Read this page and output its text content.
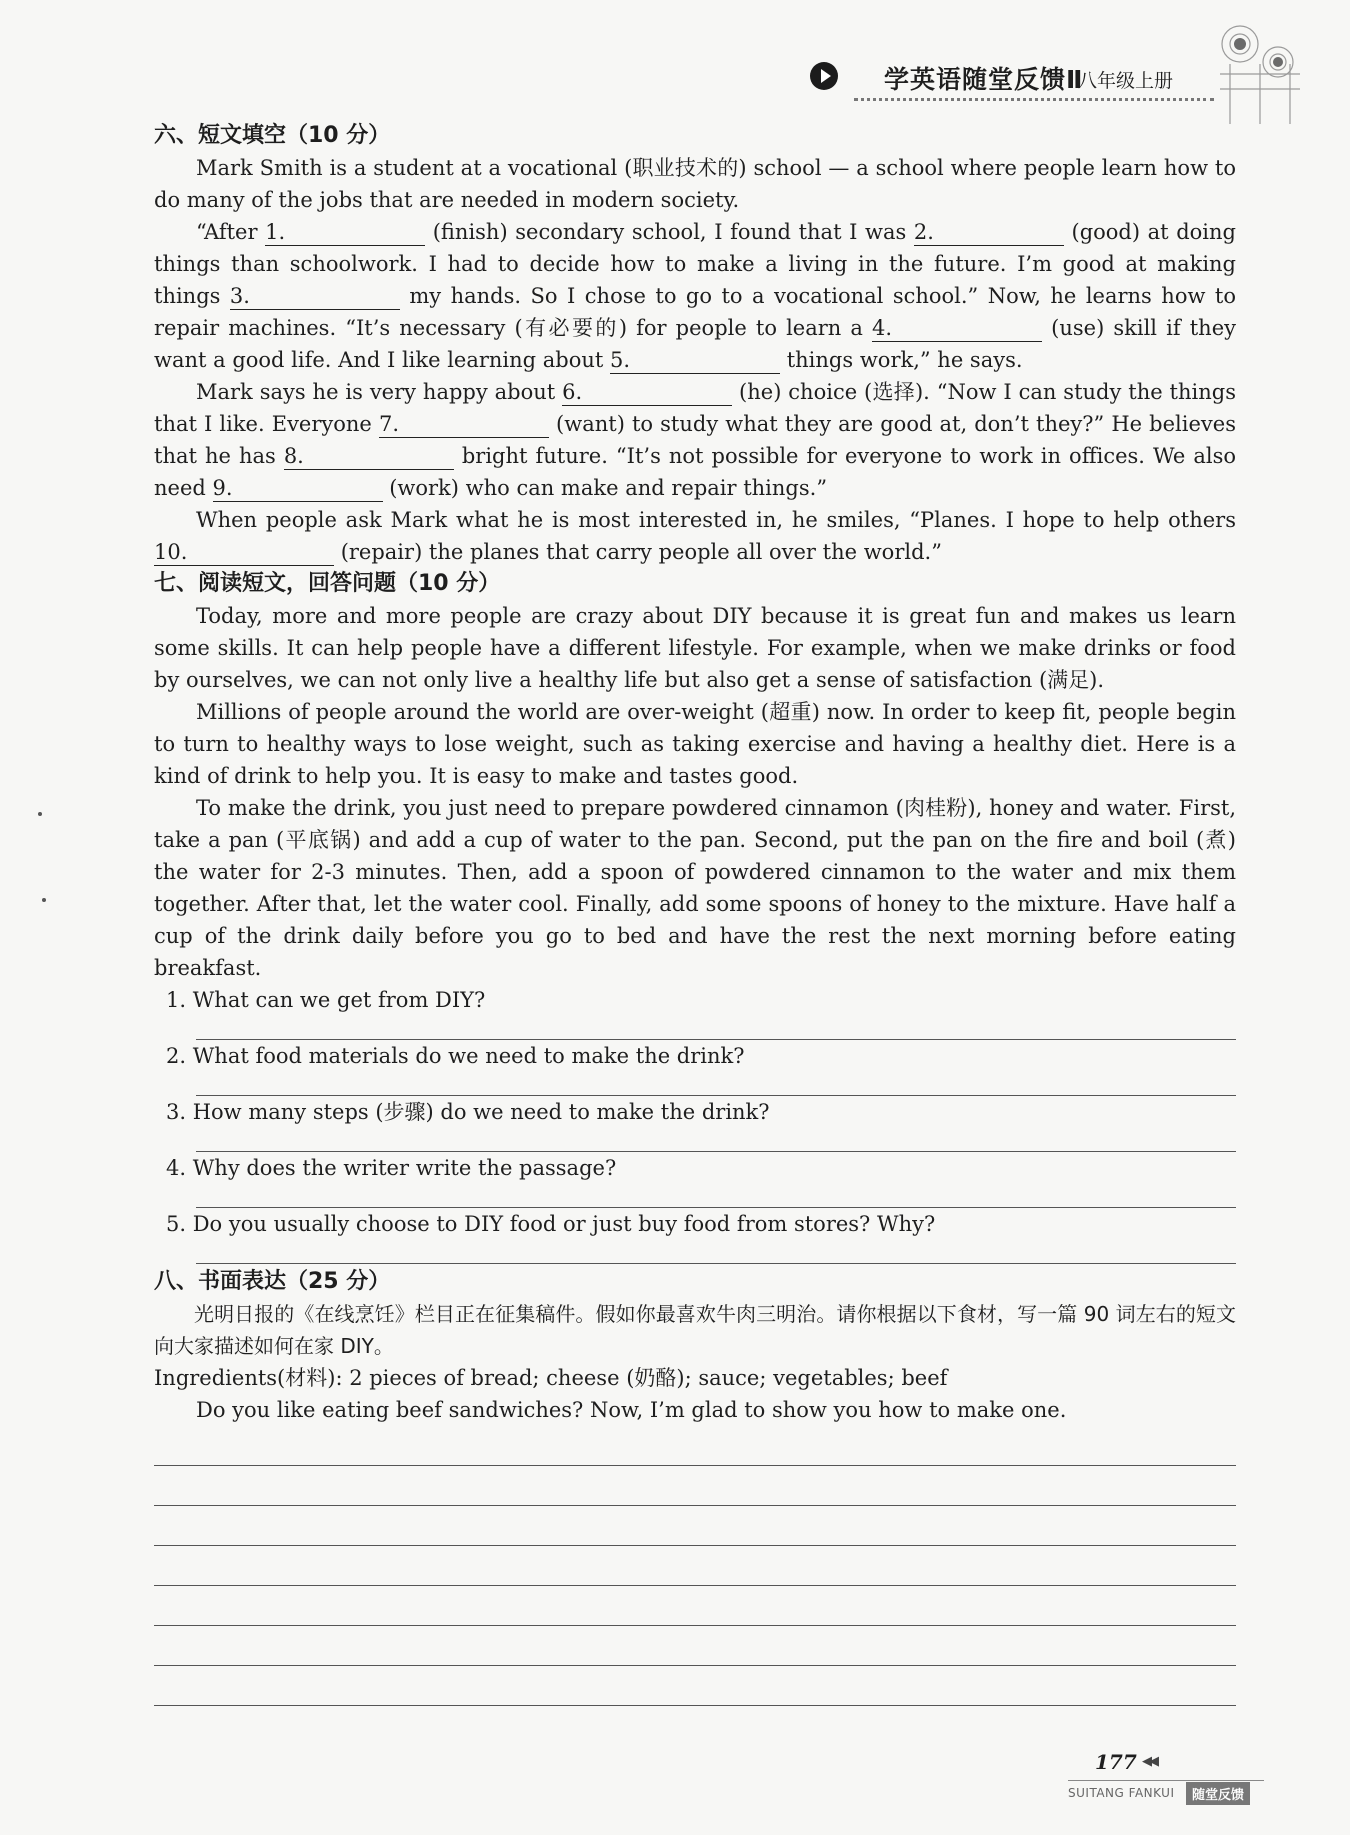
学英语随堂反馈Ⅱ
八年级上册
六、短文填空（10 分）

Mark Smith is a student at a vocational (职业技术的) school — a school where people learn how to do many of the jobs that are needed in modern society.

“After 1.	(finish) secondary school, I found that I was 2.	(good) at doing things than schoolwork. I had to decide how to make a living in the future. I’m good at making things 3.	my hands. So I chose to go to a vocational school.” Now, he learns how to repair machines. “It’s necessary (有必要的) for people to learn a 4.	(use) skill if they want a good life. And I like learning about 5.	things work,” he says.

Mark says he is very happy about 6.	(he) choice (选择). “Now I can study the things that I like. Everyone 7.	(want) to study what they are good at, don’t they?” He believes that he has 8.	bright future. “It’s not possible for everyone to work in offices. We also need 9.	(work) who can make and repair things.”

When people ask Mark what he is most interested in, he smiles, “Planes. I hope to help others 10.	(repair) the planes that carry people all over the world.”

七、阅读短文，回答问题（10 分）

Today, more and more people are crazy about DIY because it is great fun and makes us learn some skills. It can help people have a different lifestyle. For example, when we make drinks or food by ourselves, we can not only live a healthy life but also get a sense of satisfaction (满足).

Millions of people around the world are over-weight (超重) now. In order to keep fit, people begin to turn to healthy ways to lose weight, such as taking exercise and having a healthy diet. Here is a kind of drink to help you. It is easy to make and tastes good.

To make the drink, you just need to prepare powdered cinnamon (肉桂粉), honey and water. First, take a pan (平底锅) and add a cup of water to the pan. Second, put the pan on the fire and boil (煮) the water for 2-3 minutes. Then, add a spoon of powdered cinnamon to the water and mix them together. After that, let the water cool. Finally, add some spoons of honey to the mixture. Have half a cup of the drink daily before you go to bed and have the rest the next morning before eating breakfast.

1. What can we get from DIY?
2. What food materials do we need to make the drink?
3. How many steps (步骤) do we need to make the drink?
4. Why does the writer write the passage?
5. Do you usually choose to DIY food or just buy food from stores? Why?
八、书面表达（25 分）

光明日报的《在线烹饪》栏目正在征集稿件。假如你最喜欢牛肉三明治。请你根据以下食材，写一篇 90 词左右的短文向大家描述如何在家 DIY。

Ingredients(材料): 2 pieces of bread; cheese (奶酪); sauce; vegetables; beef

Do you like eating beef sandwiches? Now, I’m glad to show you how to make one.

177 ◀◀
SUITANG FANKUI	随堂反馈
